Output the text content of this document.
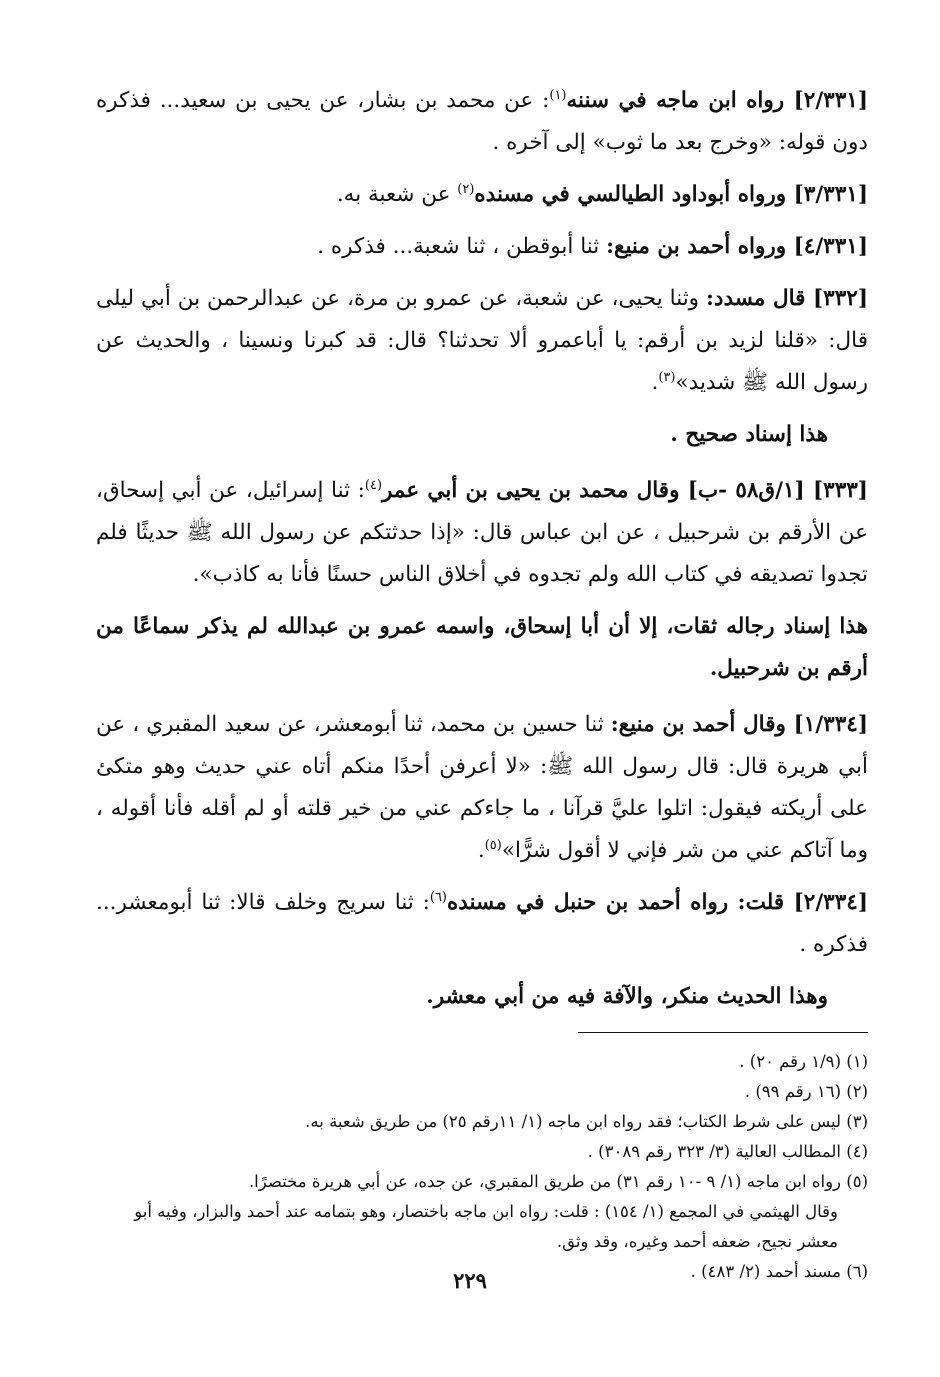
[٢/٣٣١] رواه ابن ماجه في سننه$^{(١)}$: عن محمد بن بشار، عن يحيى بن سعيد... فذكره دون قوله: «وخرج بعد ما ثوب» إلى آخره .

[٣/٣٣١] ورواه أبوداود الطيالسي في مسنده$^{(٢)}$ عن شعبة به.

[٤/٣٣١] ورواه أحمد بن منيع: ثنا أبوقطن ، ثنا شعبة... فذكره .

[٣٣٢] قال مسدد: وثنا يحيى، عن شعبة، عن عمرو بن مرة، عن عبدالرحمن بن أبي ليلى قال: «قلنا لزيد بن أرقم: يا أباعمرو ألا تحدثنا؟ قال: قد كبرنا ونسينا ، والحديث عن رسول الله ﷺ شديد»$^{(٣)}$.

هذا إسناد صحيح .

[٣٣٣] [١/ق٥٨ -ب] وقال محمد بن يحيى بن أبي عمر$^{(٤)}$: ثنا إسرائيل، عن أبي إسحاق، عن الأرقم بن شرحبيل ، عن ابن عباس قال: «إذا حدثتكم عن رسول الله ﷺ حديثًا فلم تجدوا تصديقه في كتاب الله ولم تجدوه في أخلاق الناس حسنًا فأنا به كاذب».

هذا إسناد رجاله ثقات، إلا أن أبا إسحاق، واسمه عمرو بن عبدالله لم يذكر سماعًا من أرقم بن شرحبيل.

[١/٣٣٤] وقال أحمد بن منيع: ثنا حسين بن محمد، ثنا أبومعشر، عن سعيد المقبري ، عن أبي هريرة قال: قال رسول الله ﷺ: «لا أعرفن أحدًا منكم أتاه عني حديث وهو متكئ على أريكته فيقول: اتلوا عليَّ قرآنا ، ما جاءكم عني من خير قلته أو لم أقله فأنا أقوله ، وما آتاكم عني من شر فإني لا أقول شرًّا»$^{(٥)}$.

[٢/٣٣٤] قلت: رواه أحمد بن حنبل في مسنده$^{(٦)}$: ثنا سريج وخلف قالا: ثنا أبومعشر... فذكره .

وهذا الحديث منكر، والآفة فيه من أبي معشر.

(١) (١/٩ رقم ٢٠) .

(٢) (١٦ رقم ٩٩) .

(٣) ليس على شرط الكتاب؛ فقد رواه ابن ماجه (١/ ١١رقم ٢٥) من طريق شعبة به.

(٤) المطالب العالية (٣/ ٣٢٣ رقم ٣٠٨٩) .

(٥) رواه ابن ماجه (١/ ٩ -١٠ رقم ٣١) من طريق المقبري، عن جده، عن أبي هريرة مختصرًا.

وقال الهيثمي في المجمع (١/ ١٥٤) : قلت: رواه ابن ماجه باختصار، وهو بتمامه عند أحمد والبزار، وفيه أبو معشر نجيح، ضعفه أحمد وغيره، وقد وثق.

(٦) مسند أحمد (٢/ ٤٨٣) .

٢٢٩
